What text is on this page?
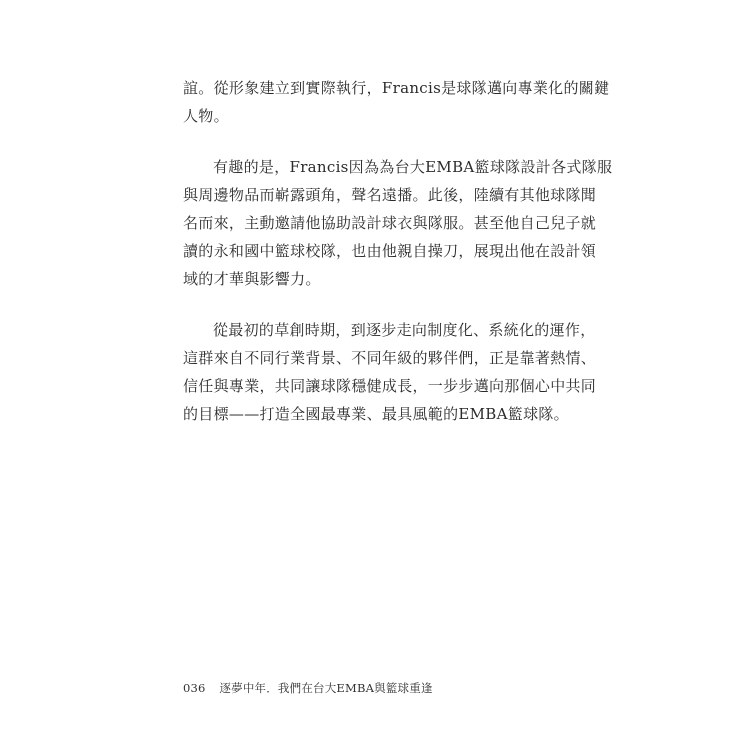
誼。從形象建立到實際執行，Francis是球隊邁向專業化的關鍵
人物。

有趣的是，Francis因為為台大EMBA籃球隊設計各式隊服
與周邊物品而嶄露頭角，聲名遠播。此後，陸續有其他球隊聞
名而來，主動邀請他協助設計球衣與隊服。甚至他自己兒子就
讀的永和國中籃球校隊，也由他親自操刀，展現出他在設計領
域的才華與影響力。

從最初的草創時期，到逐步走向制度化、系統化的運作，
這群來自不同行業背景、不同年級的夥伴們，正是靠著熱情、
信任與專業，共同讓球隊穩健成長，一步步邁向那個心中共同
的目標——打造全國最專業、最具風範的EMBA籃球隊。

036 逐夢中年．我們在台大EMBA與籃球重逢
